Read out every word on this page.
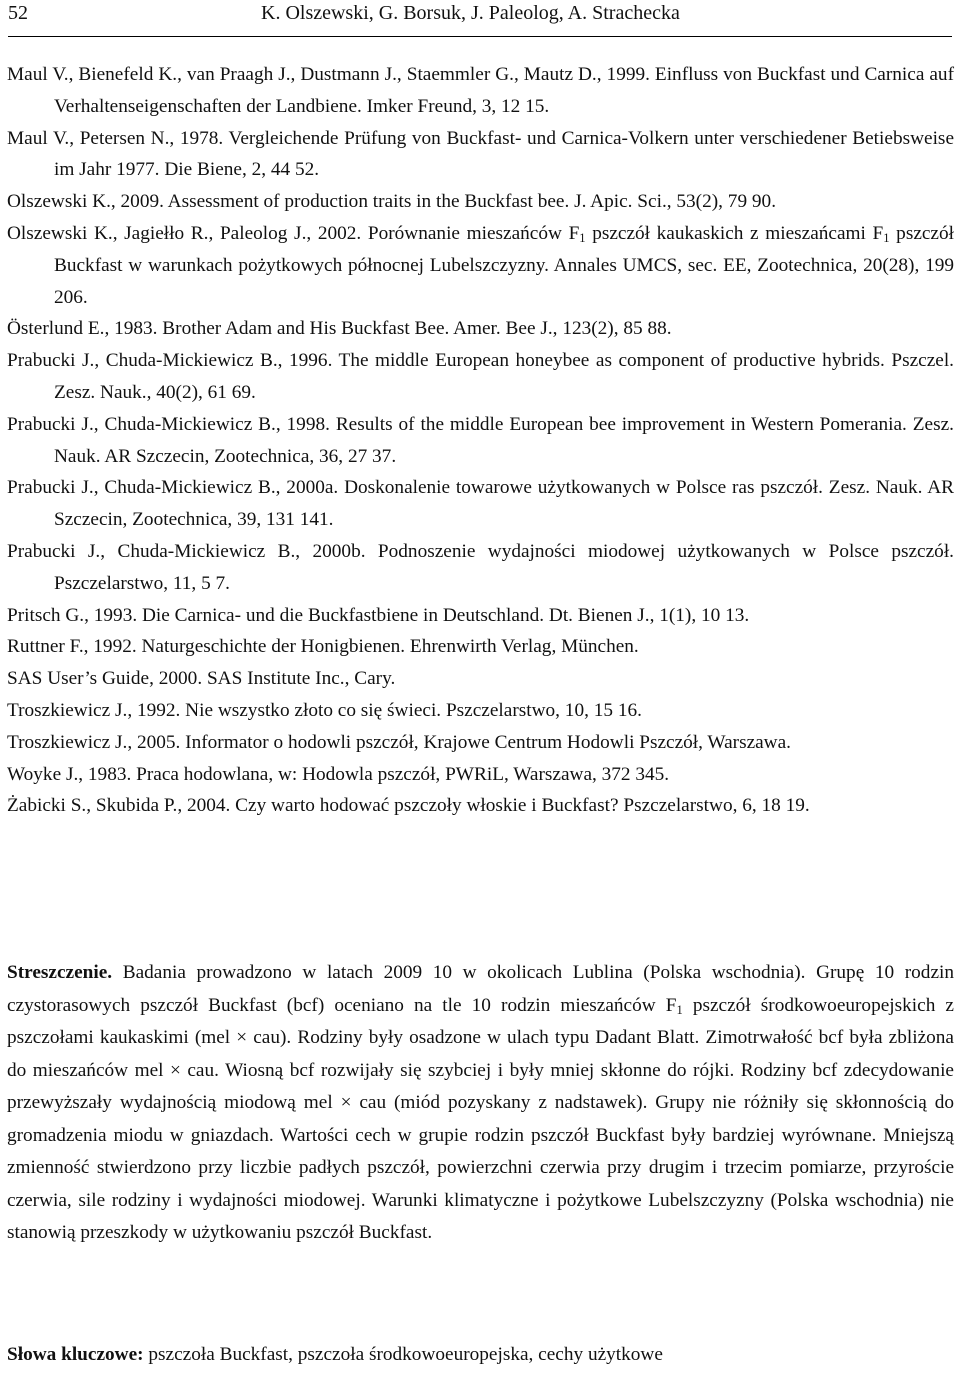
52	K. Olszewski, G. Borsuk, J. Paleolog, A. Strachecka
Maul V., Bienefeld K., van Praagh J., Dustmann J., Staemmler G., Mautz D., 1999. Einfluss von Buckfast und Carnica auf Verhaltenseigenschaften der Landbiene. Imker Freund, 3, 12 15.
Maul V., Petersen N., 1978. Vergleichende Prüfung von Buckfast- und Carnica-Volkern unter verschiedener Betiebsweise im Jahr 1977. Die Biene, 2, 44 52.
Olszewski K., 2009. Assessment of production traits in the Buckfast bee. J. Apic. Sci., 53(2), 79 90.
Olszewski K., Jagiełło R., Paleolog J., 2002. Porównanie mieszańców $F_1$ pszczół kaukaskich z mieszańcami $F_1$ pszczół Buckfast w warunkach pożytkowych północnej Lubelszczyzny. Annales UMCS, sec. EE, Zootechnica, 20(28), 199 206.
Österlund E., 1983. Brother Adam and His Buckfast Bee. Amer. Bee J., 123(2), 85 88.
Prabucki J., Chuda-Mickiewicz B., 1996. The middle European honeybee as component of productive hybrids. Pszczel. Zesz. Nauk., 40(2), 61 69.
Prabucki J., Chuda-Mickiewicz B., 1998. Results of the middle European bee improvement in Western Pomerania. Zesz. Nauk. AR Szczecin, Zootechnica, 36, 27 37.
Prabucki J., Chuda-Mickiewicz B., 2000a. Doskonalenie towarowe użytkowanych w Polsce ras pszczół. Zesz. Nauk. AR Szczecin, Zootechnica, 39, 131 141.
Prabucki J., Chuda-Mickiewicz B., 2000b. Podnoszenie wydajności miodowej użytkowanych w Polsce pszczół. Pszczelarstwo, 11, 5 7.
Pritsch G., 1993. Die Carnica- und die Buckfastbiene in Deutschland. Dt. Bienen J., 1(1), 10 13.
Ruttner F., 1992. Naturgeschichte der Honigbienen. Ehrenwirth Verlag, München.
SAS User’s Guide, 2000. SAS Institute Inc., Cary.
Troszkiewicz J., 1992. Nie wszystko złoto co się świeci. Pszczelarstwo, 10, 15 16.
Troszkiewicz J., 2005. Informator o hodowli pszczół, Krajowe Centrum Hodowli Pszczół, Warszawa.
Woyke J., 1983. Praca hodowlana, w: Hodowla pszczół, PWRiL, Warszawa, 372 345.
Żabicki S., Skubida P., 2004. Czy warto hodować pszczoły włoskie i Buckfast? Pszczelarstwo, 6, 18 19.
Streszczenie. Badania prowadzono w latach 2009 10 w okolicach Lublina (Polska wschodnia). Grupę 10 rodzin czystorasowych pszczół Buckfast (bcf) oceniano na tle 10 rodzin mieszańców $F_1$ pszczół środkowoeuropejskich z pszczołami kaukaskimi (mel × cau). Rodziny były osadzone w ulach typu Dadant Blatt. Zimotrwałość bcf była zbliżona do mieszańców mel × cau. Wiosną bcf rozwijały się szybciej i były mniej skłonne do rójki. Rodziny bcf zdecydowanie przewyższały wydajnością miodową mel × cau (miód pozyskany z nadstawek). Grupy nie różniły się skłonnością do gromadzenia miodu w gniazdach. Wartości cech w grupie rodzin pszczół Buckfast były bardziej wyrównane. Mniejszą zmienność stwierdzono przy liczbie padłych pszczół, powierzchni czerwia przy drugim i trzecim pomiarze, przyroście czerwia, sile rodziny i wydajności miodowej. Warunki klimatyczne i pożytkowe Lubelszczyzny (Polska wschodnia) nie stanowią przeszkody w użytkowaniu pszczół Buckfast.
Słowa kluczowe: pszczoła Buckfast, pszczoła środkowoeuropejska, cechy użytkowe
